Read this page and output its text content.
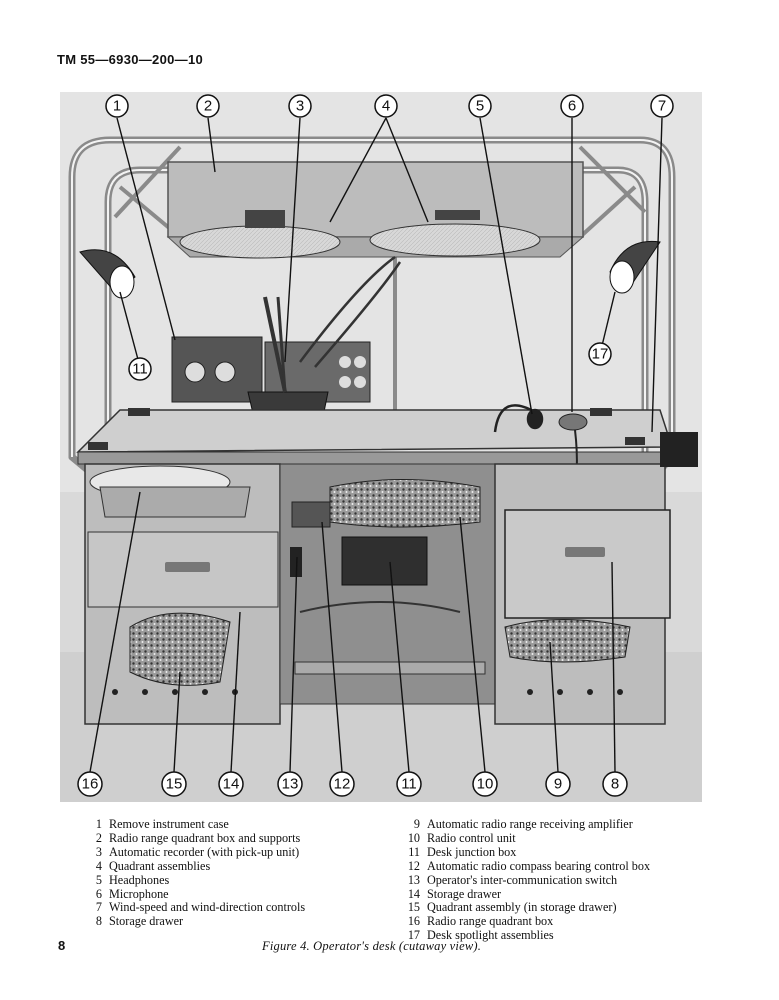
TM 55—6930—200—10
1	2	3	4	5	6	7
8
9
10
11
12
13
14
15
16
17
11
1 Remove instrument case
2 Radio range quadrant box and supports
3 Automatic recorder (with pick-up unit)
4 Quadrant assemblies
5 Headphones
6 Microphone
7 Wind-speed and wind-direction controls
8 Storage drawer
9 Automatic radio range receiving amplifier
10 Radio control unit
11 Desk junction box
12 Automatic radio compass bearing control box
13 Operator's inter-communication switch
14 Storage drawer
15 Quadrant assembly (in storage drawer)
16 Radio range quadrant box
17 Desk spotlight assemblies
8	Figure 4. Operator's desk (cutaway view).
